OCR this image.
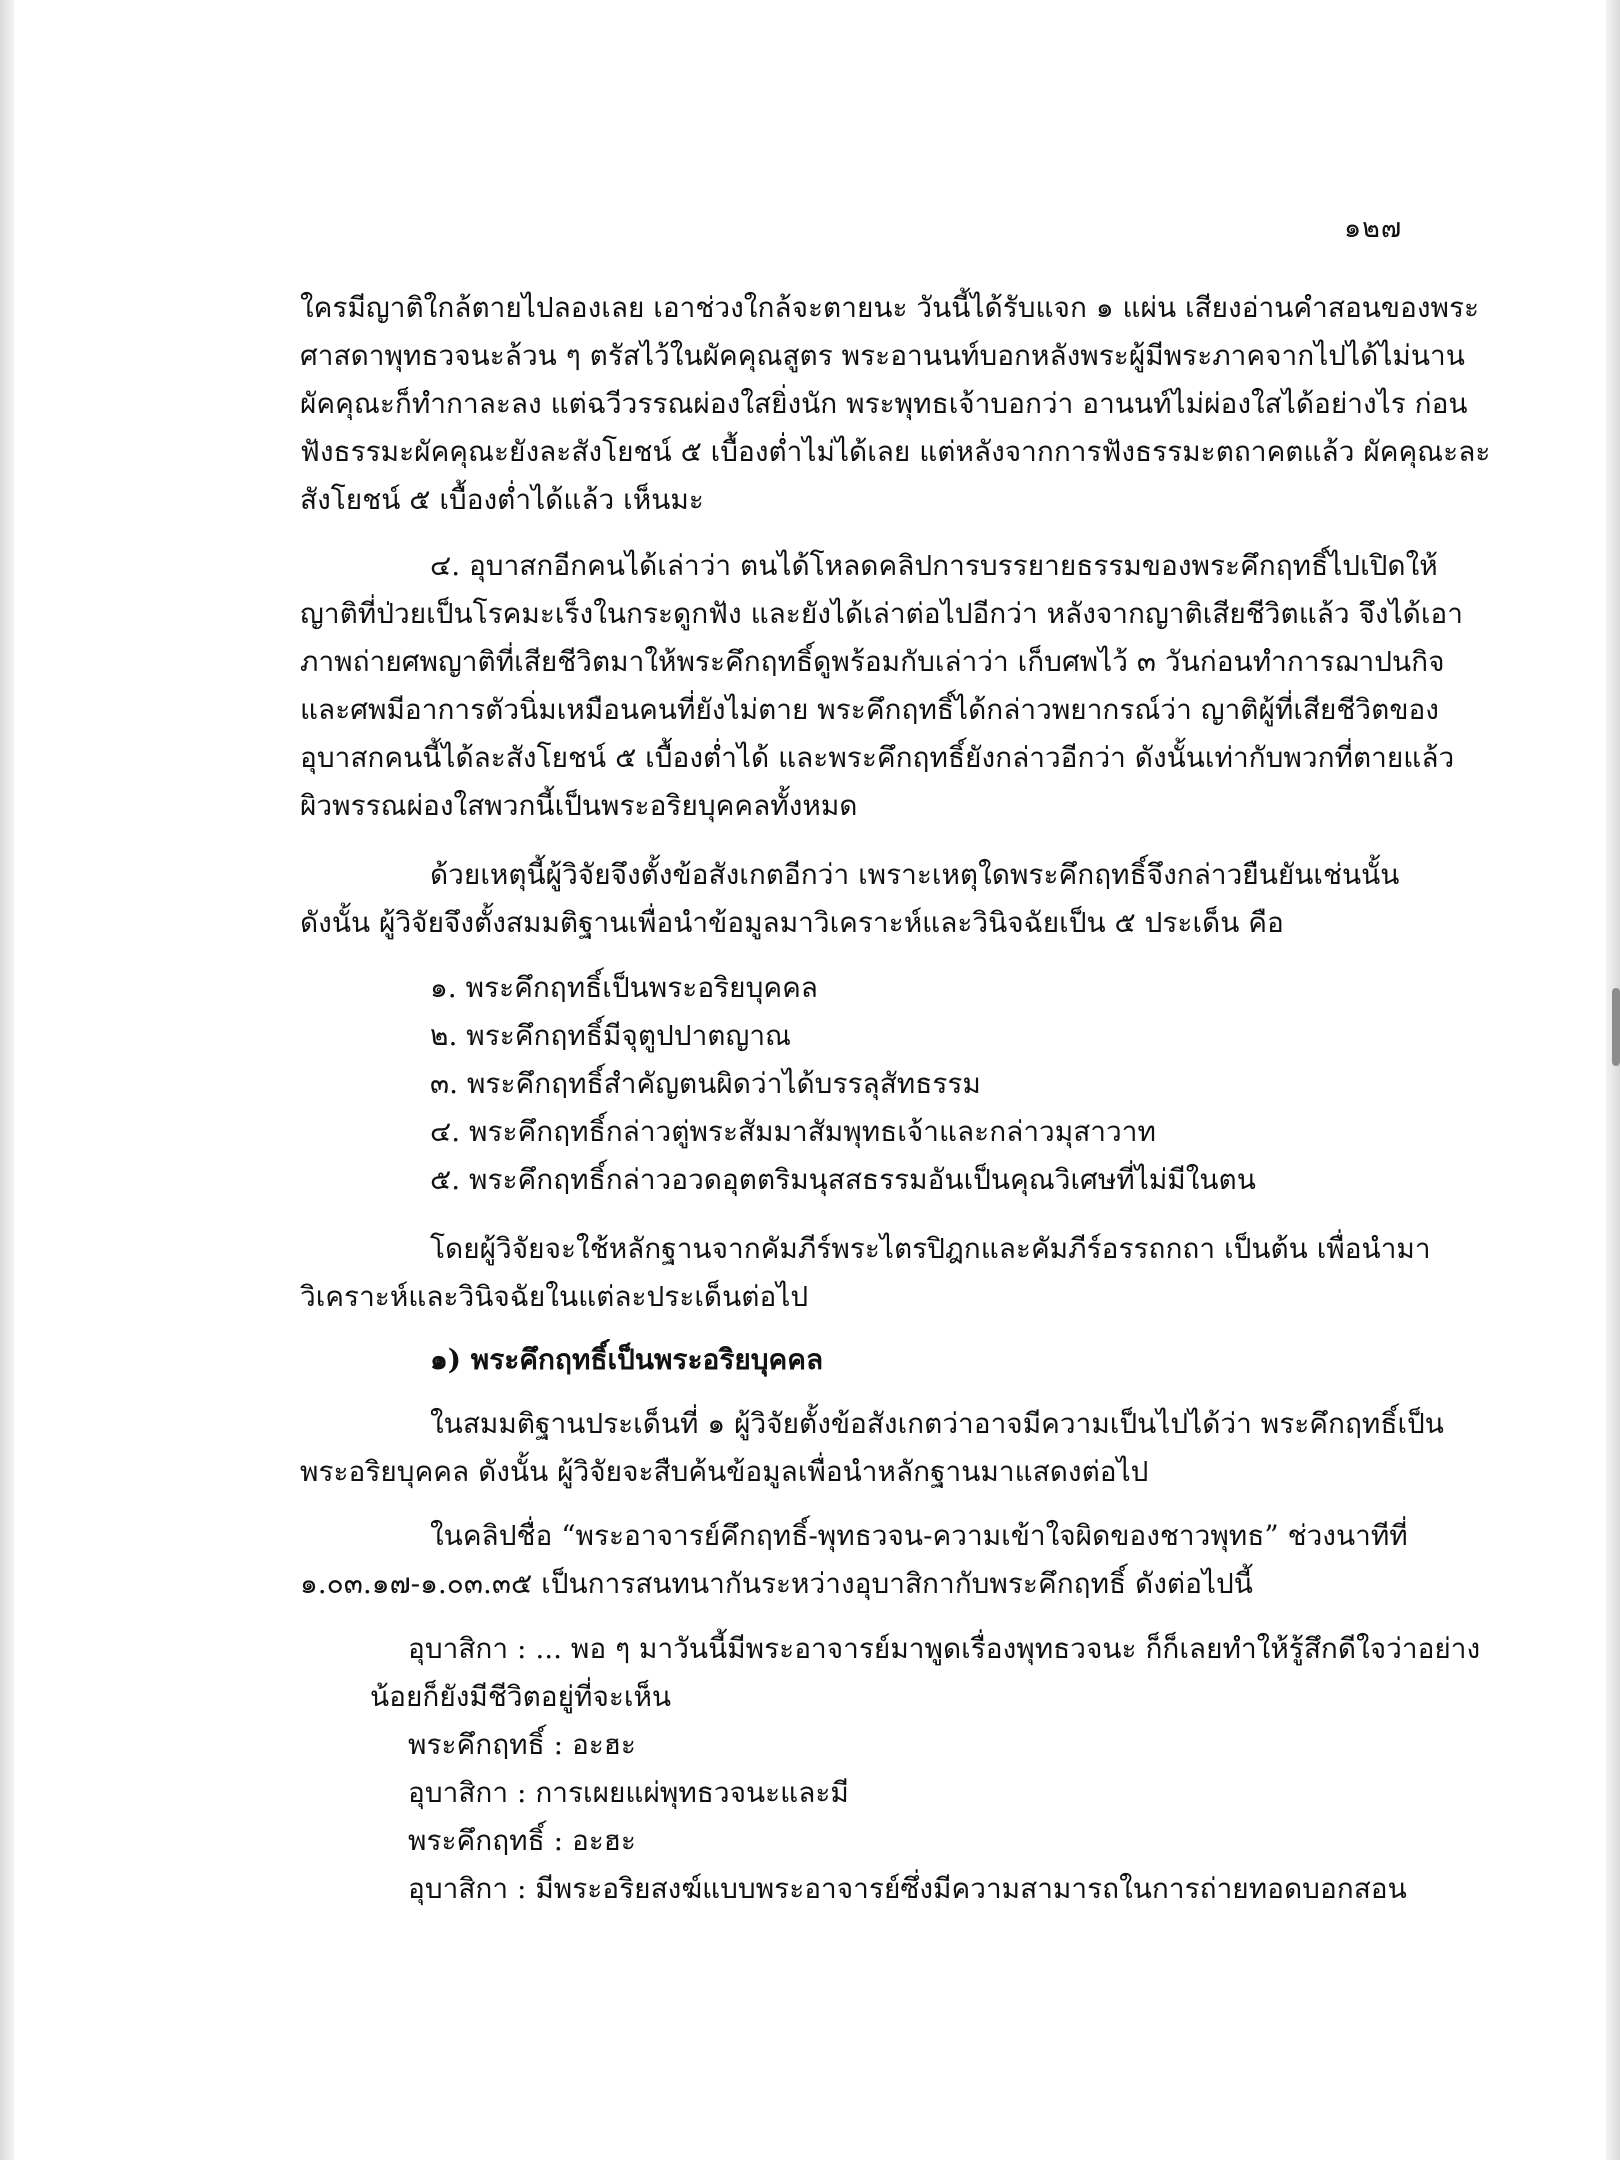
๑๒๗
ใครมีญาติใกล้ตายไปลองเลย เอาช่วงใกล้จะตายนะ วันนี้ได้รับแจก ๑ แผ่น เสียงอ่านคำสอนของพระ
ศาสดาพุทธวจนะล้วน ๆ ตรัสไว้ในผัคคุณสูตร พระอานนท์บอกหลังพระผู้มีพระภาคจากไปได้ไม่นาน
ผัคคุณะก็ทำกาละลง แต่ฉวีวรรณผ่องใสยิ่งนัก พระพุทธเจ้าบอกว่า อานนท์ไม่ผ่องใสได้อย่างไร ก่อน
ฟังธรรมะผัคคุณะยังละสังโยชน์ ๕ เบื้องต่ำไม่ได้เลย แต่หลังจากการฟังธรรมะตถาคตแล้ว ผัคคุณะละ
สังโยชน์ ๕ เบื้องต่ำได้แล้ว เห็นมะ
๔. อุบาสกอีกคนได้เล่าว่า ตนได้โหลดคลิปการบรรยายธรรมของพระคึกฤทธิ์ไปเปิดให้
ญาติที่ป่วยเป็นโรคมะเร็งในกระดูกฟัง และยังได้เล่าต่อไปอีกว่า หลังจากญาติเสียชีวิตแล้ว จึงได้เอา
ภาพถ่ายศพญาติที่เสียชีวิตมาให้พระคึกฤทธิ์ดูพร้อมกับเล่าว่า เก็บศพไว้ ๓ วันก่อนทำการฌาปนกิจ
และศพมีอาการตัวนิ่มเหมือนคนที่ยังไม่ตาย พระคึกฤทธิ์ได้กล่าวพยากรณ์ว่า ญาติผู้ที่เสียชีวิตของ
อุบาสกคนนี้ได้ละสังโยชน์ ๕ เบื้องต่ำได้ และพระคึกฤทธิ์ยังกล่าวอีกว่า ดังนั้นเท่ากับพวกที่ตายแล้ว
ผิวพรรณผ่องใสพวกนี้เป็นพระอริยบุคคลทั้งหมด
ด้วยเหตุนี้ผู้วิจัยจึงตั้งข้อสังเกตอีกว่า เพราะเหตุใดพระคึกฤทธิ์จึงกล่าวยืนยันเช่นนั้น
ดังนั้น ผู้วิจัยจึงตั้งสมมติฐานเพื่อนำข้อมูลมาวิเคราะห์และวินิจฉัยเป็น ๕ ประเด็น คือ
๑. พระคึกฤทธิ์เป็นพระอริยบุคคล
๒. พระคึกฤทธิ์มีจุตูปปาตญาณ
๓. พระคึกฤทธิ์สำคัญตนผิดว่าได้บรรลุสัทธรรม
๔. พระคึกฤทธิ์กล่าวตู่พระสัมมาสัมพุทธเจ้าและกล่าวมุสาวาท
๕. พระคึกฤทธิ์กล่าวอวดอุตตริมนุสสธรรมอันเป็นคุณวิเศษที่ไม่มีในตน
โดยผู้วิจัยจะใช้หลักฐานจากคัมภีร์พระไตรปิฎกและคัมภีร์อรรถกถา เป็นต้น เพื่อนำมา
วิเคราะห์และวินิจฉัยในแต่ละประเด็นต่อไป
๑) พระคึกฤทธิ์เป็นพระอริยบุคคล
ในสมมติฐานประเด็นที่ ๑ ผู้วิจัยตั้งข้อสังเกตว่าอาจมีความเป็นไปได้ว่า พระคึกฤทธิ์เป็น
พระอริยบุคคล ดังนั้น ผู้วิจัยจะสืบค้นข้อมูลเพื่อนำหลักฐานมาแสดงต่อไป
ในคลิปชื่อ “พระอาจารย์คึกฤทธิ์-พุทธวจน-ความเข้าใจผิดของชาวพุทธ” ช่วงนาทีที่
๑.๐๓.๑๗-๑.๐๓.๓๕ เป็นการสนทนากันระหว่างอุบาสิกากับพระคึกฤทธิ์ ดังต่อไปนี้
อุบาสิกา : ... พอ ๆ มาวันนี้มีพระอาจารย์มาพูดเรื่องพุทธวจนะ ก็ก็เลยทำให้รู้สึกดีใจว่าอย่าง
น้อยก็ยังมีชีวิตอยู่ที่จะเห็น
พระคึกฤทธิ์ : อะฮะ
อุบาสิกา : การเผยแผ่พุทธวจนะและมี
พระคึกฤทธิ์ : อะฮะ
อุบาสิกา : มีพระอริยสงฆ์แบบพระอาจารย์ซึ่งมีความสามารถในการถ่ายทอดบอกสอน
